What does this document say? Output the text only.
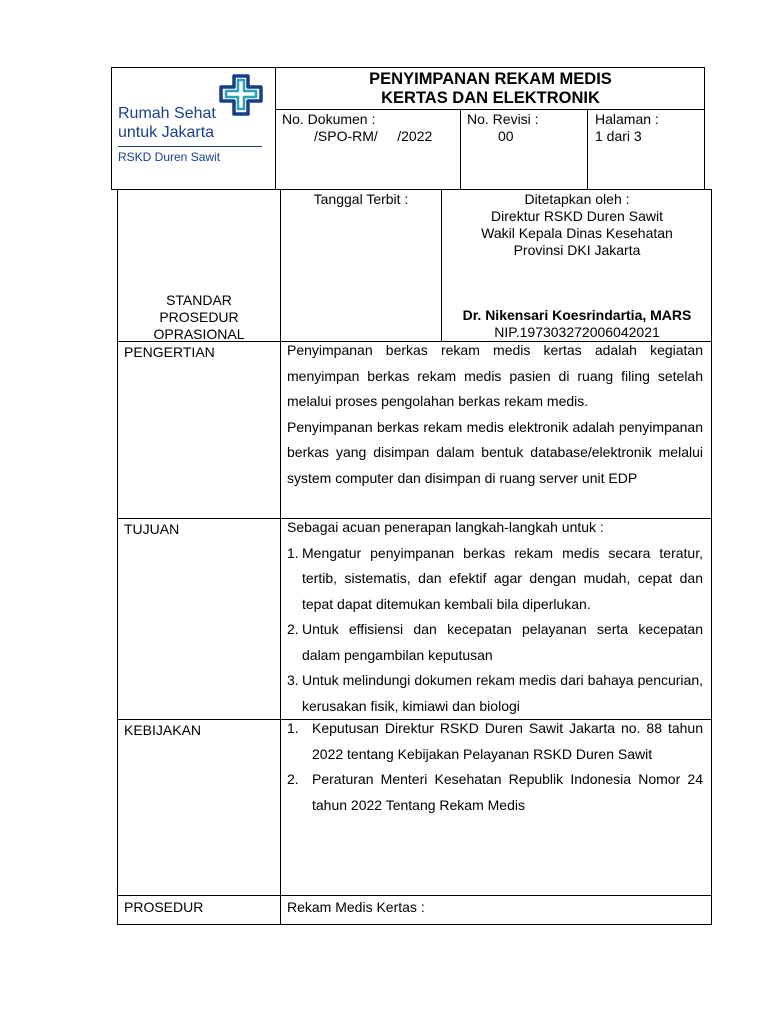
Rumah Sehat
untuk Jakarta
RSKD Duren Sawit
PENYIMPANAN REKAM MEDIS
KERTAS DAN ELEKTRONIK
No. Dokumen :
/SPO-RM/     /2022
No. Revisi :
00
Halaman :
1 dari 3
STANDAR
PROSEDUR
OPRASIONAL
Tanggal Terbit :	Ditetapkan oleh :
Direktur RSKD Duren Sawit
Wakil Kepala Dinas Kesehatan
Provinsi DKI Jakarta
Dr. Nikensari Koesrindartia, MARS
NIP.197303272006042021
PENGERTIAN	Penyimpanan berkas rekam medis kertas adalah kegiatan menyimpan berkas rekam medis pasien di ruang filing setelah melalui proses pengolahan berkas rekam medis.

Penyimpanan berkas rekam medis elektronik adalah penyimpanan berkas yang disimpan dalam bentuk database/elektronik melalui system computer dan disimpan di ruang server unit EDP

TUJUAN	Sebagai acuan penerapan langkah-langkah untuk :

1. Mengatur penyimpanan berkas rekam medis secara teratur, tertib, sistematis, dan efektif agar dengan mudah, cepat dan tepat dapat ditemukan kembali bila diperlukan.
2. Untuk effisiensi dan kecepatan pelayanan serta kecepatan dalam pengambilan keputusan
3. Untuk melindungi dokumen rekam medis dari bahaya pencurian, kerusakan fisik, kimiawi dan biologi
KEBIJAKAN	1. Keputusan Direktur RSKD Duren Sawit Jakarta no. 88 tahun 2022 tentang Kebijakan Pelayanan RSKD Duren Sawit
2. Peraturan Menteri Kesehatan Republik Indonesia Nomor 24 tahun 2022 Tentang Rekam Medis
PROSEDUR	Rekam Medis Kertas :
